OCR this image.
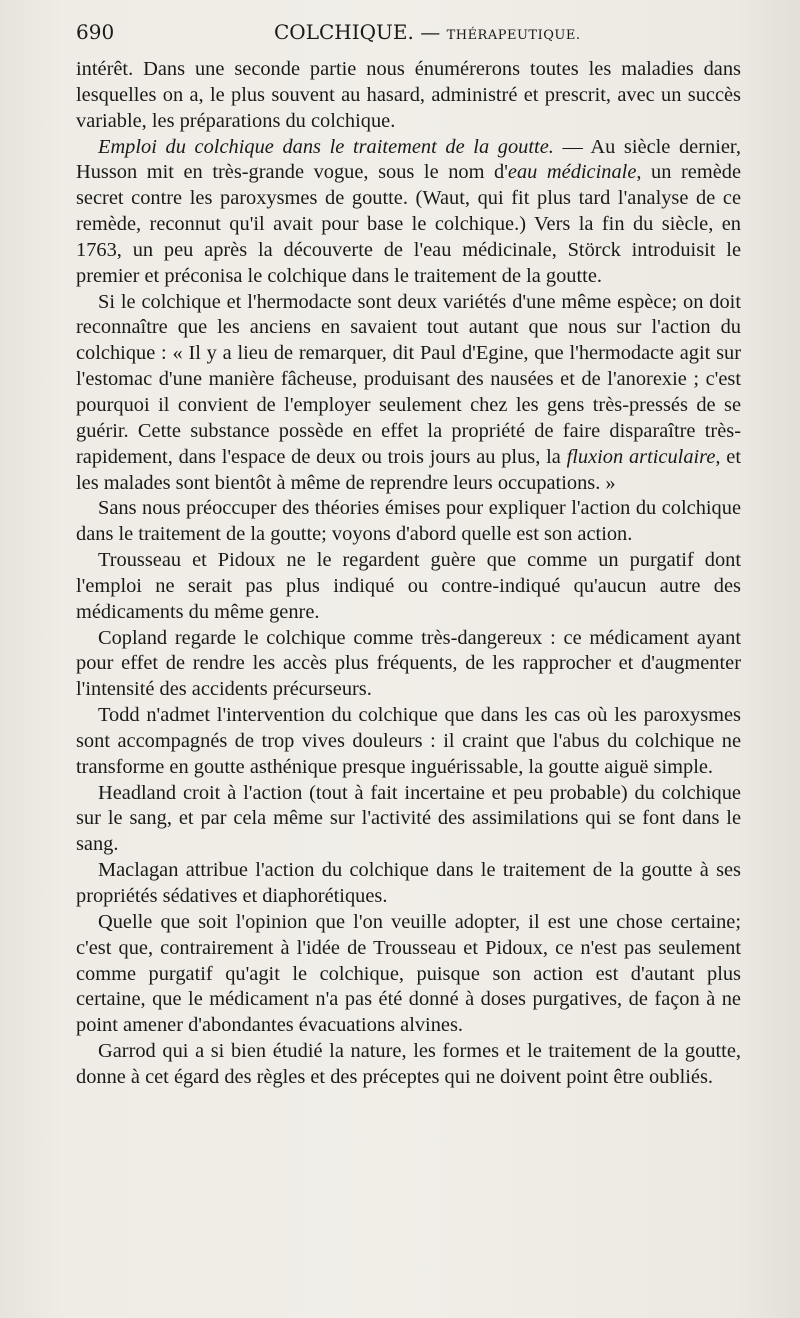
690	COLCHIQUE. — THÉRAPEUTIQUE.

intérêt. Dans une seconde partie nous énumérerons toutes les maladies dans lesquelles on a, le plus souvent au hasard, administré et prescrit, avec un succès variable, les préparations du colchique.

Emploi du colchique dans le traitement de la goutte. — Au siècle dernier, Husson mit en très-grande vogue, sous le nom d'eau médicinale, un remède secret contre les paroxysmes de goutte. (Waut, qui fit plus tard l'analyse de ce remède, reconnut qu'il avait pour base le colchique.) Vers la fin du siècle, en 1763, un peu après la découverte de l'eau médicinale, Störck introduisit le premier et préconisa le colchique dans le traitement de la goutte.

Si le colchique et l'hermodacte sont deux variétés d'une même espèce; on doit reconnaître que les anciens en savaient tout autant que nous sur l'action du colchique : « Il y a lieu de remarquer, dit Paul d'Egine, que l'hermodacte agit sur l'estomac d'une manière fâcheuse, produisant des nausées et de l'anorexie ; c'est pourquoi il convient de l'employer seulement chez les gens très-pressés de se guérir. Cette substance possède en effet la propriété de faire disparaître très-rapidement, dans l'espace de deux ou trois jours au plus, la fluxion articulaire, et les malades sont bientôt à même de reprendre leurs occupations. »

Sans nous préoccuper des théories émises pour expliquer l'action du colchique dans le traitement de la goutte; voyons d'abord quelle est son action.

Trousseau et Pidoux ne le regardent guère que comme un purgatif dont l'emploi ne serait pas plus indiqué ou contre-indiqué qu'aucun autre des médicaments du même genre.

Copland regarde le colchique comme très-dangereux : ce médicament ayant pour effet de rendre les accès plus fréquents, de les rapprocher et d'augmenter l'intensité des accidents précurseurs.

Todd n'admet l'intervention du colchique que dans les cas où les paroxysmes sont accompagnés de trop vives douleurs : il craint que l'abus du colchique ne transforme en goutte asthénique presque inguérissable, la goutte aiguë simple.

Headland croit à l'action (tout à fait incertaine et peu probable) du colchique sur le sang, et par cela même sur l'activité des assimilations qui se font dans le sang.

Maclagan attribue l'action du colchique dans le traitement de la goutte à ses propriétés sédatives et diaphorétiques.

Quelle que soit l'opinion que l'on veuille adopter, il est une chose certaine; c'est que, contrairement à l'idée de Trousseau et Pidoux, ce n'est pas seulement comme purgatif qu'agit le colchique, puisque son action est d'autant plus certaine, que le médicament n'a pas été donné à doses purgatives, de façon à ne point amener d'abondantes évacuations alvines.

Garrod qui a si bien étudié la nature, les formes et le traitement de la goutte, donne à cet égard des règles et des préceptes qui ne doivent point être oubliés.
